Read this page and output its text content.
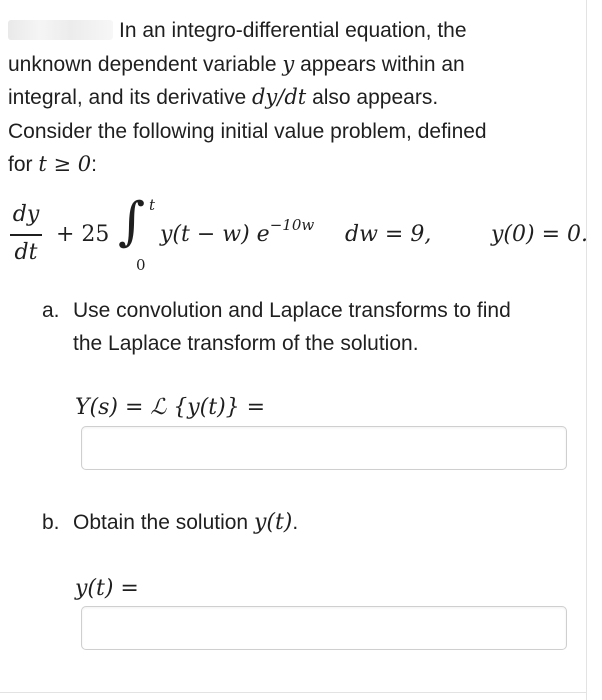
In an integro-differential equation, the

unknown dependent variable y appears within an

integral, and its derivative dy/dt also appears.

Consider the following initial value problem, defined

for t ≥ 0:

dy
dt
+ 25 ∫ t
0
y(t − w) $e^{-10w}$ dw = 9,	y(0) = 0.
a. Use convolution and Laplace transforms to find
the Laplace transform of the solution.
Y(s) = ℒ {y(t)} =
b. Obtain the solution y(t).
y(t) =
